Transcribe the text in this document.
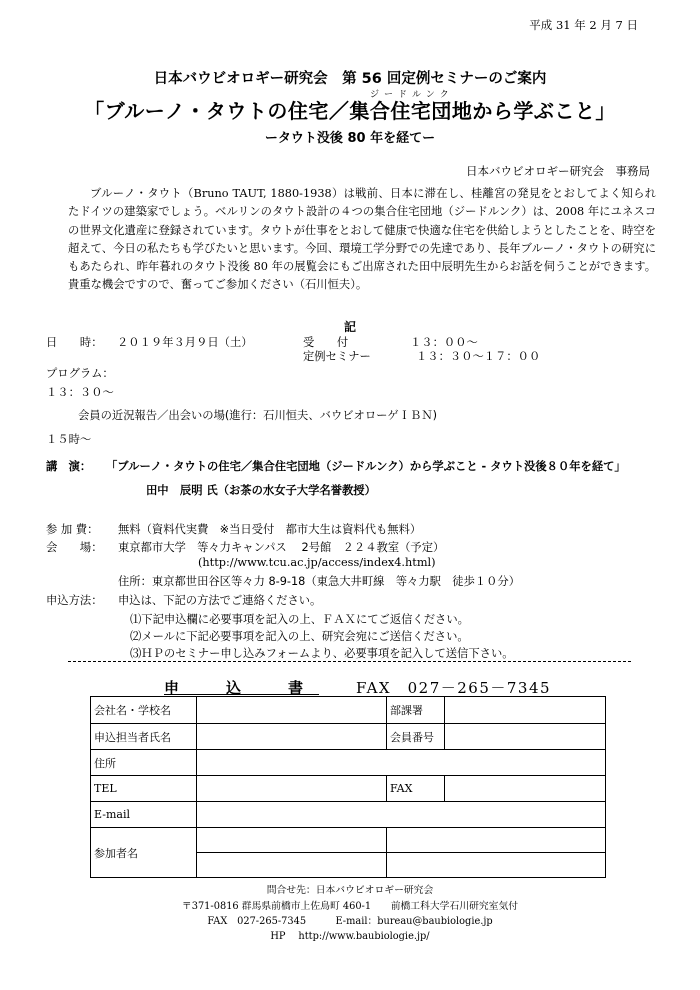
平成 31 年 2 月 7 日
日本バウビオロギー研究会　第 56 回定例セミナーのご案内
ジードルンク
「ブルーノ・タウトの住宅／集合住宅団地から学ぶこと」
ータウト没後 80 年を経てー
日本バウビオロギー研究会　事務局
ブルーノ・タウト（Bruno TAUT, 1880-1938）は戦前、日本に滞在し、桂離宮の発見をとおしてよく知られたドイツの建築家でしょう。ベルリンのタウト設計の４つの集合住宅団地（ジードルンク）は、2008 年にユネスコの世界文化遺産に登録されています。タウトが仕事をとおして健康で快適な住宅を供給しようとしたことを、時空を超えて、今日の私たちも学びたいと思います。今回、環境工学分野での先達であり、長年ブルーノ・タウトの研究にもあたられ、昨年暮れのタウト没後 80 年の展覧会にもご出席された田中辰明先生からお話を伺うことができます。貴重な機会ですので、奮ってご参加ください（石川恒夫）。
記
日　　時： ２０１９年３月９日（土）	受　　付	１３：００～
定例セミナー	１３：３０～１７：００
プログラム：
１３：３０～
会員の近況報告／出会いの場(進行：石川恒夫、バウビオローゲＩＢＮ)
１５時～
講　演： 「ブルーノ・タウトの住宅／集合住宅団地（ジードルンク）から学ぶこと - タウト没後８０年を経て」
田中　辰明 氏（お茶の水女子大学名誉教授）
参 加 費： 無料（資料代実費　※当日受付　都市大生は資料代も無料）
会　　場： 東京都市大学　等々力キャンパス　 2号館　２２４教室（予定）
(http://www.tcu.ac.jp/access/index4.html)
住所：東京都世田谷区等々力 8-9-18（東急大井町線　等々力駅　徒歩１０分）
申込方法： 申込は、下記の方法でご連絡ください。
⑴下記申込欄に必要事項を記入の上、ＦＡＸにてご返信ください。
⑵メールに下記必要事項を記入の上、研究会宛にご送信ください。
⑶ＨＰのセミナー申し込みフォームより、必要事項を記入して送信下さい。
申　込　書 FAX　027－265－7345
会社名・学校名		部課署	
申込担当者氏名		会員番号	
住所			
TEL		FAX	
E-mail			
参加者名			

問合せ先：日本バウビオロギー研究会
〒371-0816 群馬県前橋市上佐鳥町 460-1　　前橋工科大学石川研究室気付
FAX　027-265-7345　　　E-mail：bureau@baubiologie.jp
HP　 http://www.baubiologie.jp/
